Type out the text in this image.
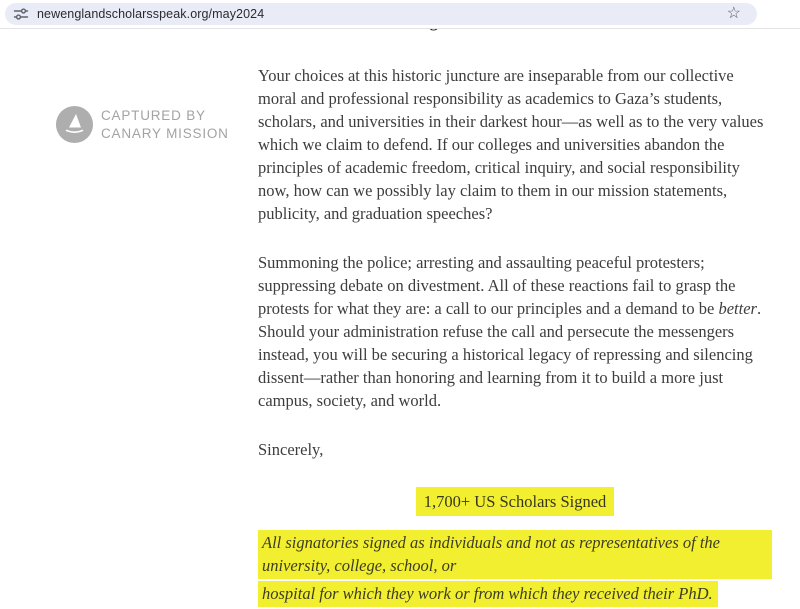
newenglandscholarsspeak.org/may2024	☆
CAPTURED BY
CANARY MISSION

Your choices at this historic juncture are inseparable from our collective moral and professional responsibility as academics to Gaza’s students, scholars, and universities in their darkest hour—as well as to the very values which we claim to defend. If our colleges and universities abandon the principles of academic freedom, critical inquiry, and social responsibility now, how can we possibly lay claim to them in our mission statements, publicity, and graduation speeches?

Summoning the police; arresting and assaulting peaceful protesters; suppressing debate on divestment. All of these reactions fail to grasp the protests for what they are: a call to our principles and a demand to be better. Should your administration refuse the call and persecute the messengers instead, you will be securing a historical legacy of repressing and silencing dissent—rather than honoring and learning from it to build a more just campus, society, and world.

Sincerely,

1,700+ US Scholars Signed
All signatories signed as individuals and not as representatives of the university, college, school, or
hospital for which they work or from which they received their PhD.
